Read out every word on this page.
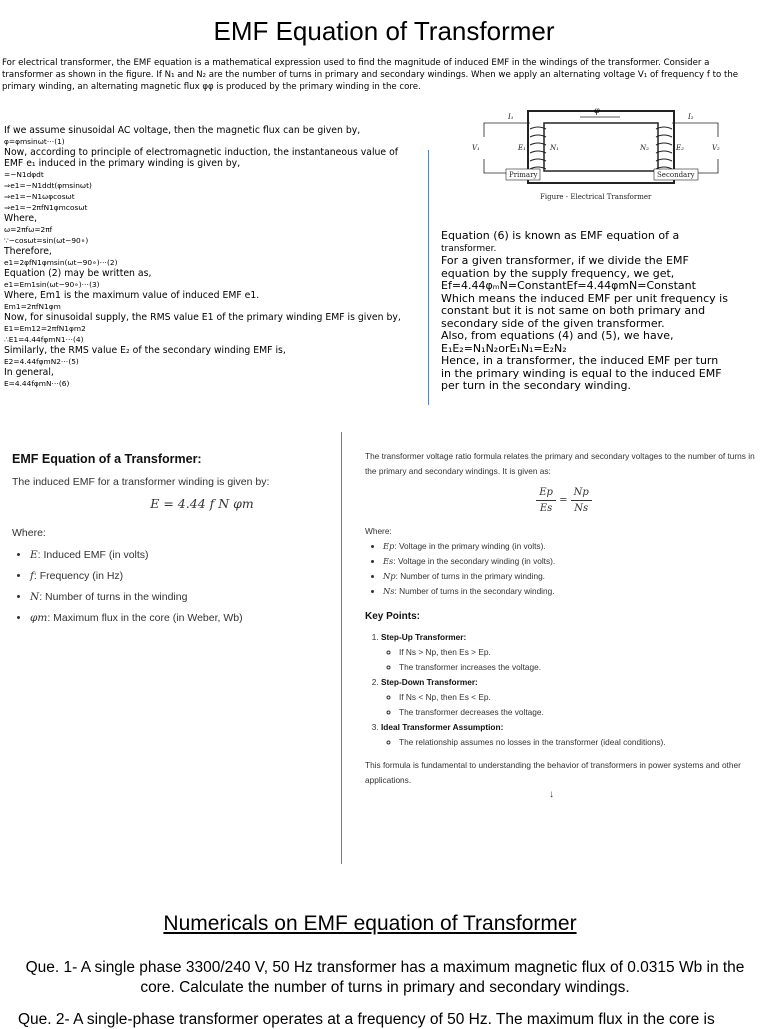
EMF Equation of Transformer
For electrical transformer, the EMF equation is a mathematical expression used to find the magnitude of induced EMF in the windings of the transformer. Consider a transformer as shown in the figure. If N₁ and N₂ are the number of turns in primary and secondary windings. When we apply an alternating voltage V₁ of frequency f to the primary winding, an alternating magnetic flux φφ is produced by the primary winding in the core.
If we assume sinusoidal AC voltage, then the magnetic flux can be given by,
φ=φmsinωt⋯(1)
Now, according to principle of electromagnetic induction, the instantaneous value of
EMF e₁ induced in the primary winding is given by,
=−N1dφdt
⇒e1=−N1ddt(φmsinωt)
⇒e1=−N1ωφcosωt
⇒e1=−2πfN1φmcosωt
Where,
ω=2πfω=2πf
∵−cosωt=sin(ωt−90∘)
Therefore,
e1=2φfN1φmsin(ωt−90∘)⋯(2)
Equation (2) may be written as,
e1=Em1sin(ωt−90∘)⋯(3)
Where, Em1 is the maximum value of induced EMF e1.
Em1=2πfN1φm
Now, for sinusoidal supply, the RMS value E1 of the primary winding EMF is given by,
E1=Em12=2πfN1φm2
∴E1=4.44fφmN1⋯(4)
Similarly, the RMS value E₂ of the secondary winding EMF is,
E2=4.44fφmN2⋯(5)
In general,
E=4.44fφmN⋯(6)
φ
I₁	I₂
V₁	V₂
E₁	N₁	N₂	E₂
Primary	Secondary
Figure - Electrical Transformer
Equation (6) is known as EMF equation of a
transformer.
For a given transformer, if we divide the EMF
equation by the supply frequency, we get,
Ef=4.44φₘN=ConstantEf=4.44φmN=Constant
Which means the induced EMF per unit frequency is
constant but it is not same on both primary and
secondary side of the given transformer.
Also, from equations (4) and (5), we have,
E₁E₂=N₁N₂orE₁N₁=E₂N₂
Hence, in a transformer, the induced EMF per turn
in the primary winding is equal to the induced EMF
per turn in the secondary winding.
EMF Equation of a Transformer:
The induced EMF for a transformer winding is given by:
E = 4.44 f N φm
Where:
• E: Induced EMF (in volts)
• f: Frequency (in Hz)
• N: Number of turns in the winding
• φm: Maximum flux in the core (in Weber, Wb)
The transformer voltage ratio formula relates the primary and secondary voltages to the number of turns in the primary and secondary windings. It is given as:
$\frac{Ep}{Es} = \frac{Np}{Ns}$
Where:
• Ep: Voltage in the primary winding (in volts).
• Es: Voltage in the secondary winding (in volts).
• Np: Number of turns in the primary winding.
• Ns: Number of turns in the secondary winding.
Key Points:
1. Step-Up Transformer:
◦ If Ns > Np, then Es > Ep.
◦ The transformer increases the voltage.
2. Step-Down Transformer:
◦ If Ns < Np, then Es < Ep.
◦ The transformer decreases the voltage.
3. Ideal Transformer Assumption:
◦ The relationship assumes no losses in the transformer (ideal conditions).
This formula is fundamental to understanding the behavior of transformers in power systems and other applications.
↓
Numericals on EMF equation of Transformer
Que. 1- A single phase 3300/240 V, 50 Hz transformer has a maximum magnetic flux of 0.0315 Wb in the core. Calculate the number of turns in primary and secondary windings.
Que. 2- A single-phase transformer operates at a frequency of 50 Hz. The maximum flux in the core is
